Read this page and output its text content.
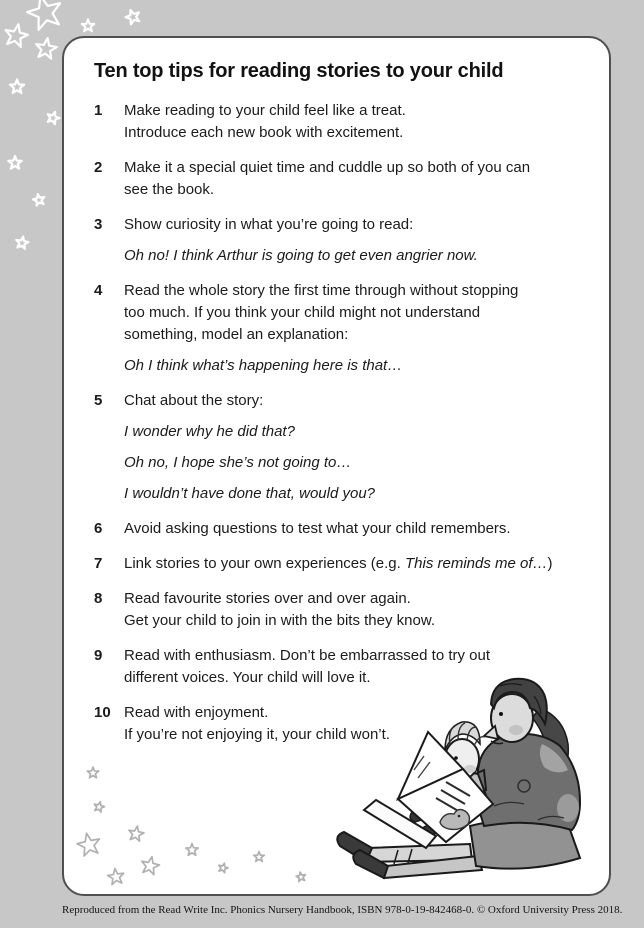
Ten top tips for reading stories to your child
1	Make reading to your child feel like a treat.
Introduce each new book with excitement.
2	Make it a special quiet time and cuddle up so both of you can
see the book.
3	Show curiosity in what you’re going to read:
Oh no! I think Arthur is going to get even angrier now.
4	Read the whole story the first time through without stopping
too much. If you think your child might not understand
something, model an explanation:
Oh I think what’s happening here is that…
5	Chat about the story:
I wonder why he did that?
Oh no, I hope she’s not going to…
I wouldn’t have done that, would you?
6	Avoid asking questions to test what your child remembers.
7	Link stories to your own experiences (e.g. This reminds me of…)
8	Read favourite stories over and over again.
Get your child to join in with the bits they know.
9	Read with enthusiasm. Don’t be embarrassed to try out
different voices. Your child will love it.
10 Read with enjoyment.
If you’re not enjoying it, your child won’t.
Reproduced from the Read Write Inc. Phonics Nursery Handbook, ISBN 978-0-19-842468-0. © Oxford University Press 2018.
